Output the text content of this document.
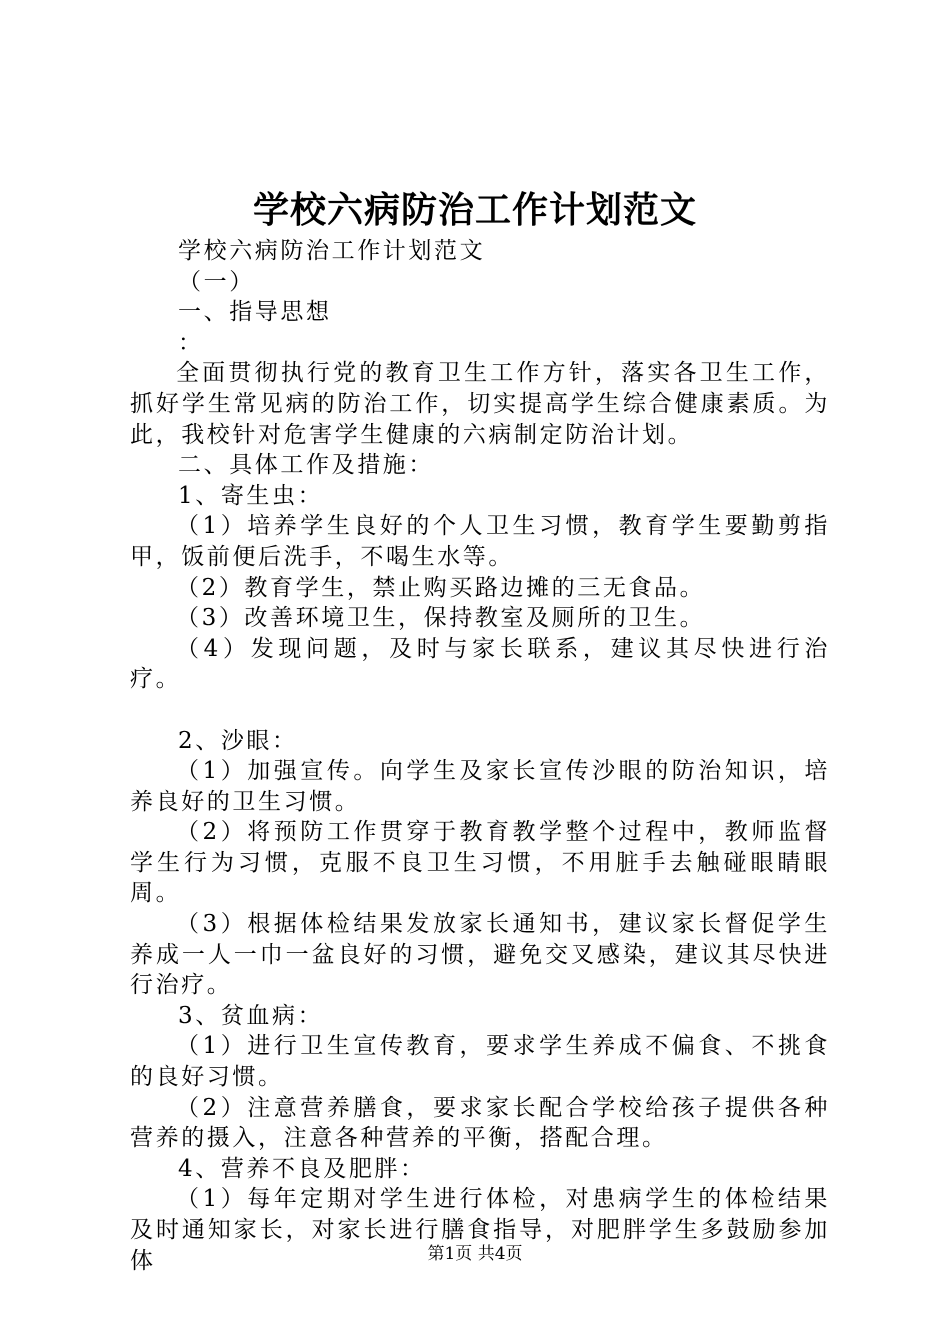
学校六病防治工作计划范文

学校六病防治工作计划范文

（一）

一、指导思想

：

全面贯彻执行党的教育卫生工作方针，落实各卫生工作，抓好学生常见病的防治工作，切实提高学生综合健康素质。为此，我校针对危害学生健康的六病制定防治计划。

二、具体工作及措施：

1、寄生虫：

（1）培养学生良好的个人卫生习惯，教育学生要勤剪指甲，饭前便后洗手，不喝生水等。

（2）教育学生，禁止购买路边摊的三无食品。

（3）改善环境卫生，保持教室及厕所的卫生。

（4）发现问题，及时与家长联系，建议其尽快进行治疗。

2、沙眼：

（1）加强宣传。向学生及家长宣传沙眼的防治知识，培养良好的卫生习惯。

（2）将预防工作贯穿于教育教学整个过程中，教师监督学生行为习惯，克服不良卫生习惯，不用脏手去触碰眼睛眼周。

（3）根据体检结果发放家长通知书，建议家长督促学生养成一人一巾一盆良好的习惯，避免交叉感染，建议其尽快进行治疗。

3、贫血病：

（1）进行卫生宣传教育，要求学生养成不偏食、不挑食的良好习惯。

（2）注意营养膳食，要求家长配合学校给孩子提供各种营养的摄入，注意各种营养的平衡，搭配合理。

4、营养不良及肥胖：

（1）每年定期对学生进行体检，对患病学生的体检结果及时通知家长，对家长进行膳食指导，对肥胖学生多鼓励参加体	第1页 共4页
